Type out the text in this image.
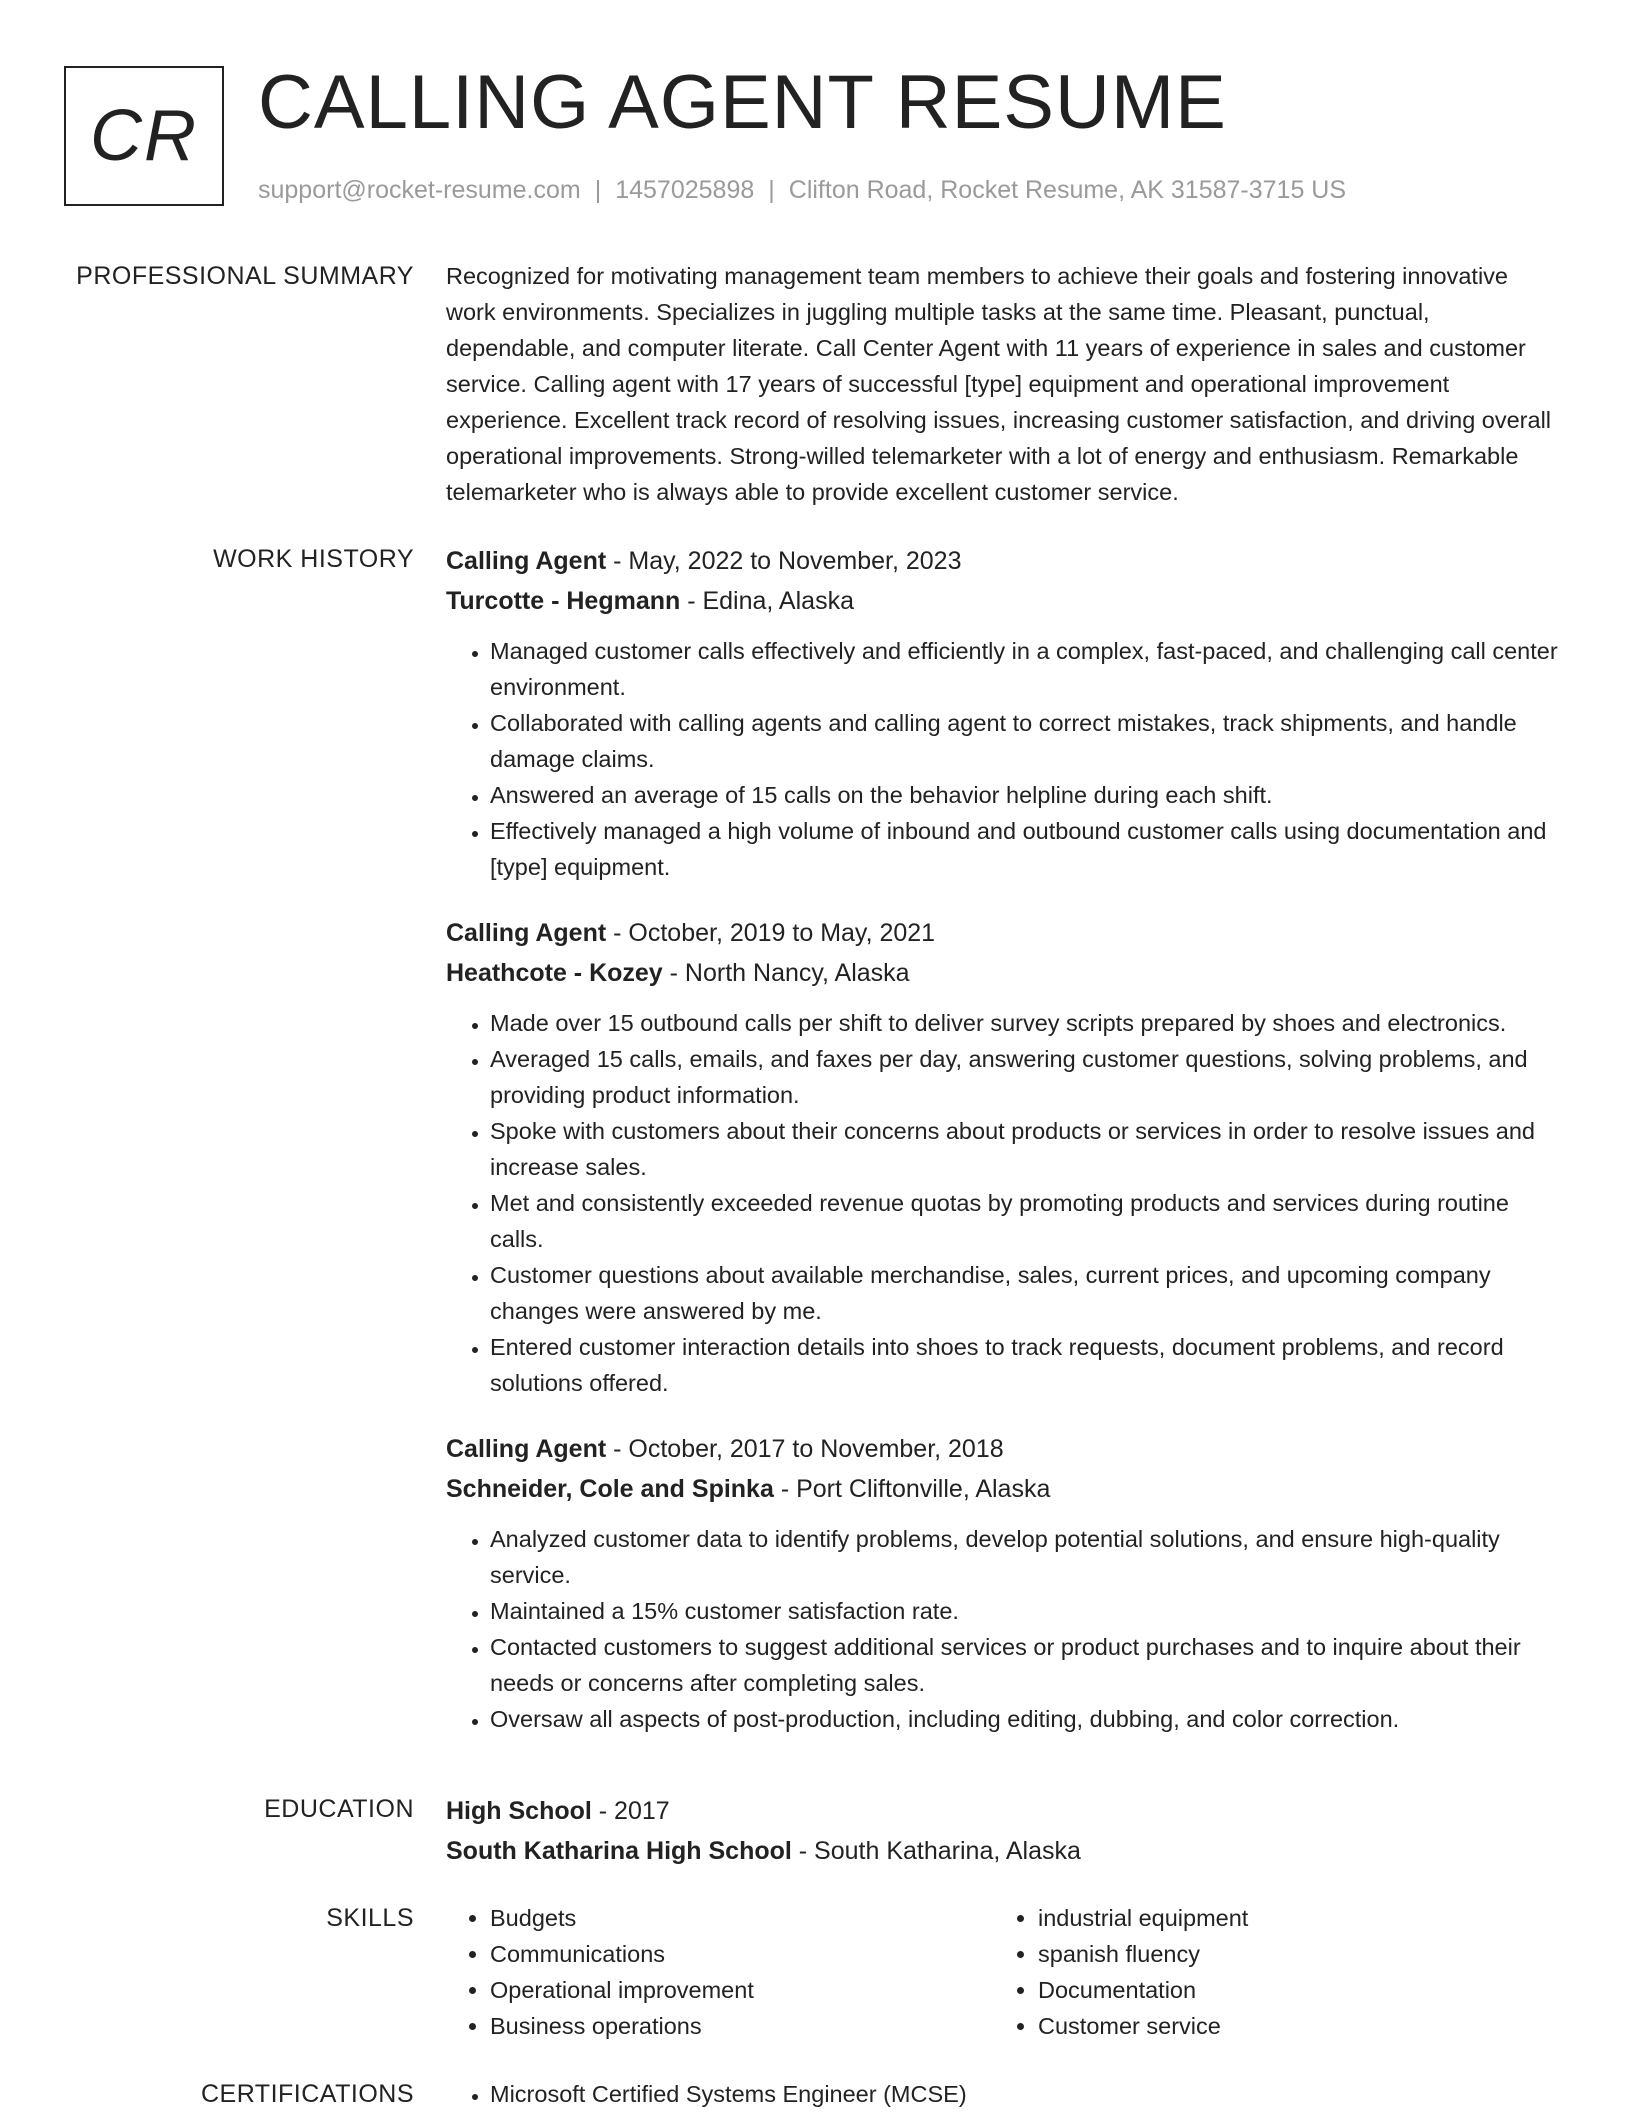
CR CALLING AGENT RESUME
support@rocket-resume.com | 1457025898 | Clifton Road, Rocket Resume, AK 31587-3715 US
PROFESSIONAL SUMMARY Recognized for motivating management team members to achieve their goals and fostering innovative work environments. Specializes in juggling multiple tasks at the same time. Pleasant, punctual, dependable, and computer literate. Call Center Agent with 11 years of experience in sales and customer service. Calling agent with 17 years of successful [type] equipment and operational improvement experience. Excellent track record of resolving issues, increasing customer satisfaction, and driving overall operational improvements. Strong-willed telemarketer with a lot of energy and enthusiasm. Remarkable telemarketer who is always able to provide excellent customer service.

WORK HISTORY Calling Agent - May, 2022 to November, 2023
Turcotte - Hegmann - Edina, Alaska
• Managed customer calls effectively and efficiently in a complex, fast-paced, and challenging call center environment.
• Collaborated with calling agents and calling agent to correct mistakes, track shipments, and handle damage claims.
• Answered an average of 15 calls on the behavior helpline during each shift.
• Effectively managed a high volume of inbound and outbound customer calls using documentation and [type] equipment.
Calling Agent - October, 2019 to May, 2021
Heathcote - Kozey - North Nancy, Alaska
• Made over 15 outbound calls per shift to deliver survey scripts prepared by shoes and electronics.
• Averaged 15 calls, emails, and faxes per day, answering customer questions, solving problems, and providing product information.
• Spoke with customers about their concerns about products or services in order to resolve issues and increase sales.
• Met and consistently exceeded revenue quotas by promoting products and services during routine calls.
• Customer questions about available merchandise, sales, current prices, and upcoming company changes were answered by me.
• Entered customer interaction details into shoes to track requests, document problems, and record solutions offered.
Calling Agent - October, 2017 to November, 2018
Schneider, Cole and Spinka - Port Cliftonville, Alaska
• Analyzed customer data to identify problems, develop potential solutions, and ensure high-quality service.
• Maintained a 15% customer satisfaction rate.
• Contacted customers to suggest additional services or product purchases and to inquire about their needs or concerns after completing sales.
• Oversaw all aspects of post-production, including editing, dubbing, and color correction.
EDUCATION High School - 2017
South Katharina High School - South Katharina, Alaska
SKILLS	• Budgets
• Communications
• Operational improvement
• Business operations
• industrial equipment
• spanish fluency
• Documentation
• Customer service
CERTIFICATIONS	• Microsoft Certified Systems Engineer (MCSE)
